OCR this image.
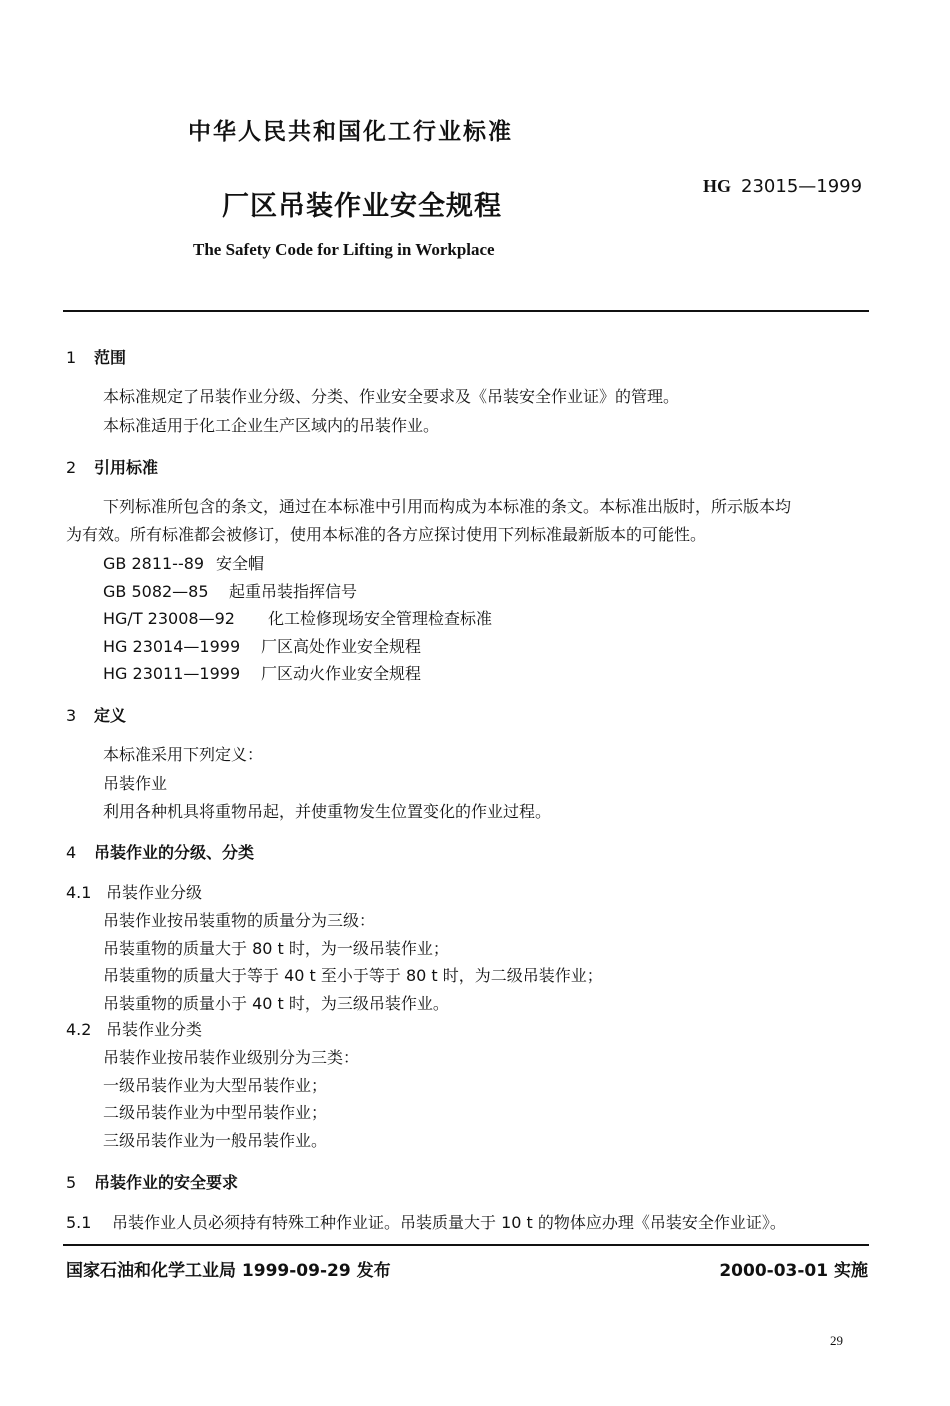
中华人民共和国化工行业标准
厂区吊装作业安全规程
HG 23015—1999
The Safety Code for Lifting in Workplace
1 范围
本标准规定了吊装作业分级、分类、作业安全要求及《吊装安全作业证》的管理。
本标准适用于化工企业生产区域内的吊装作业。
2 引用标准
下列标准所包含的条文，通过在本标准中引用而构成为本标准的条文。本标准出版时，所示版本均
为有效。所有标准都会被修订，使用本标准的各方应探讨使用下列标准最新版本的可能性。
GB 2811--89 安全帽
GB 5082—85 起重吊装指挥信号
HG/T 23008—92 化工检修现场安全管理检查标准
HG 23014—1999 厂区高处作业安全规程
HG 23011—1999 厂区动火作业安全规程
3 定义
本标准采用下列定义：
吊装作业
利用各种机具将重物吊起，并使重物发生位置变化的作业过程。
4 吊装作业的分级、分类
4.1 吊装作业分级
吊装作业按吊装重物的质量分为三级：
吊装重物的质量大于 80 t 时，为一级吊装作业；
吊装重物的质量大于等于 40 t 至小于等于 80 t 时，为二级吊装作业；
吊装重物的质量小于 40 t 时，为三级吊装作业。
4.2 吊装作业分类
吊装作业按吊装作业级别分为三类：
一级吊装作业为大型吊装作业；
二级吊装作业为中型吊装作业；
三级吊装作业为一般吊装作业。
5 吊装作业的安全要求
5.1 吊装作业人员必须持有特殊工种作业证。吊装质量大于 10 t 的物体应办理《吊装安全作业证》。
国家石油和化学工业局 1999-09-29 发布	2000-03-01 实施
29
